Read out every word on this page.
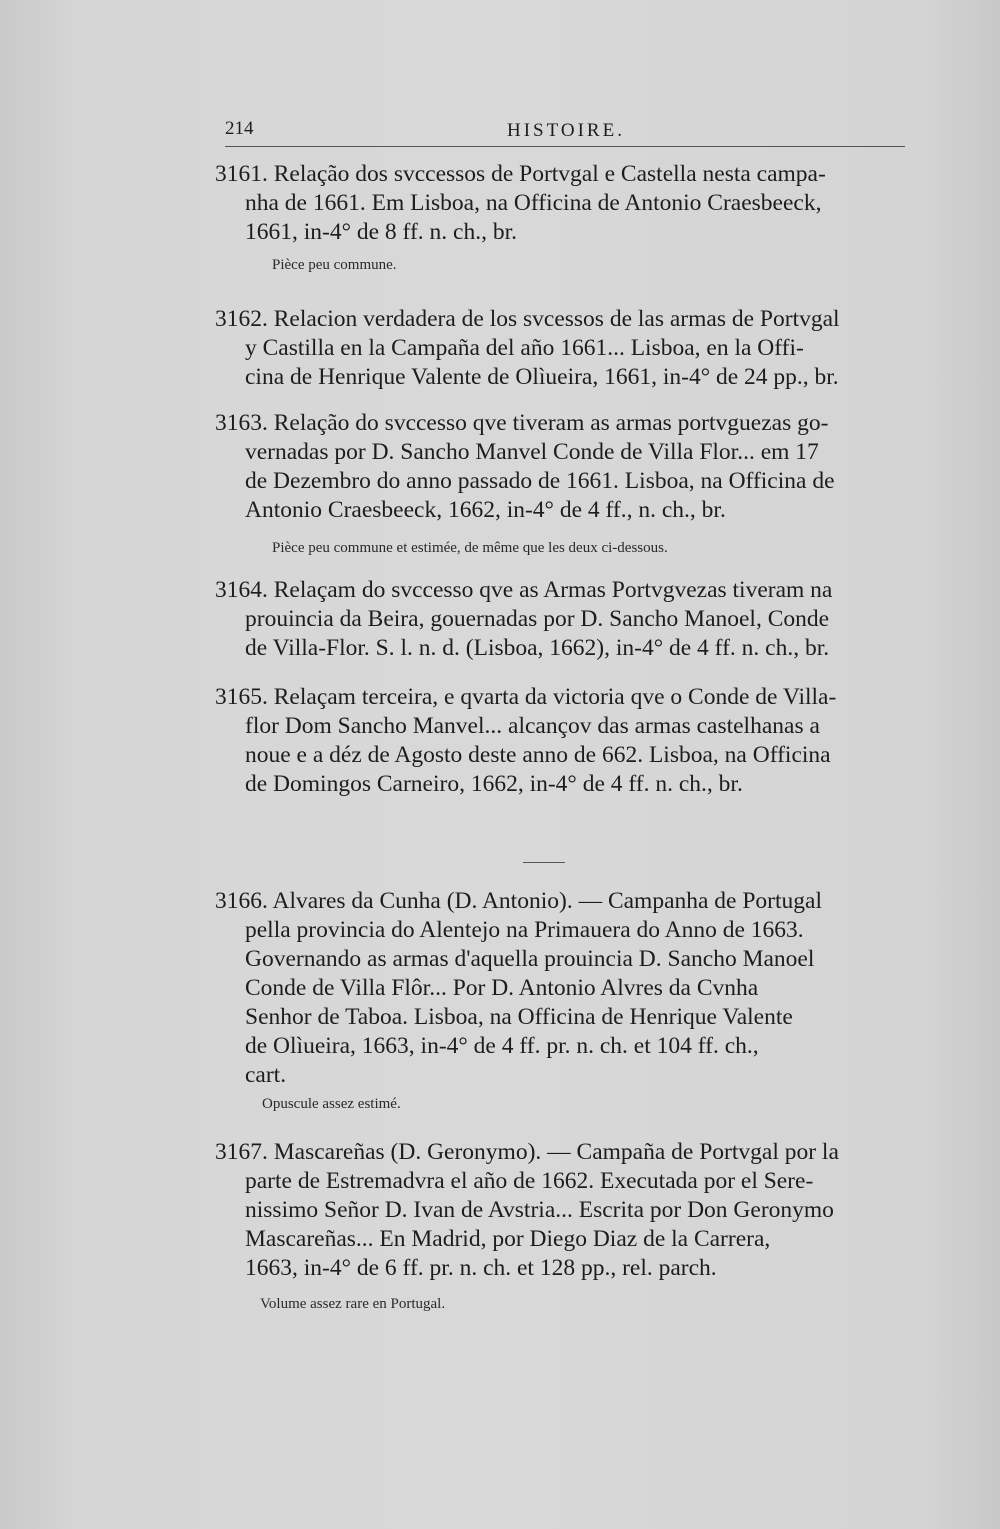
214	HISTOIRE.

3161. Relação dos svccessos de Portvgal e Castella nesta campa-

nha de 1661. Em Lisboa, na Officina de Antonio Craesbeeck,

1661, in-4° de 8 ff. n. ch., br.

Pièce peu commune.

3162. Relacion verdadera de los svcessos de las armas de Portvgal

y Castilla en la Campaña del año 1661... Lisboa, en la Offi-

cina de Henrique Valente de Olìueira, 1661, in-4° de 24 pp., br.

3163. Relação do svccesso qve tiveram as armas portvguezas go-

vernadas por D. Sancho Manvel Conde de Villa Flor... em 17

de Dezembro do anno passado de 1661. Lisboa, na Officina de

Antonio Craesbeeck, 1662, in-4° de 4 ff., n. ch., br.

Pièce peu commune et estimée, de même que les deux ci-dessous.

3164. Relaçam do svccesso qve as Armas Portvgvezas tiveram na

prouincia da Beira, gouernadas por D. Sancho Manoel, Conde

de Villa-Flor. S. l. n. d. (Lisboa, 1662), in-4° de 4 ff. n. ch., br.

3165. Relaçam terceira, e qvarta da victoria qve o Conde de Villa-

flor Dom Sancho Manvel... alcançov das armas castelhanas a

noue e a déz de Agosto deste anno de 662. Lisboa, na Officina

de Domingos Carneiro, 1662, in-4° de 4 ff. n. ch., br.

3166. Alvares da Cunha (D. Antonio). — Campanha de Portugal

pella provincia do Alentejo na Primauera do Anno de 1663.

Governando as armas d'aquella prouincia D. Sancho Manoel

Conde de Villa Flôr... Por D. Antonio Alvres da Cvnha

Senhor de Taboa. Lisboa, na Officina de Henrique Valente

de Olìueira, 1663, in-4° de 4 ff. pr. n. ch. et 104 ff. ch.,

cart.

Opuscule assez estimé.

3167. Mascareñas (D. Geronymo). — Campaña de Portvgal por la

parte de Estremadvra el año de 1662. Executada por el Sere-

nissimo Señor D. Ivan de Avstria... Escrita por Don Geronymo

Mascareñas... En Madrid, por Diego Diaz de la Carrera,

1663, in-4° de 6 ff. pr. n. ch. et 128 pp., rel. parch.

Volume assez rare en Portugal.
